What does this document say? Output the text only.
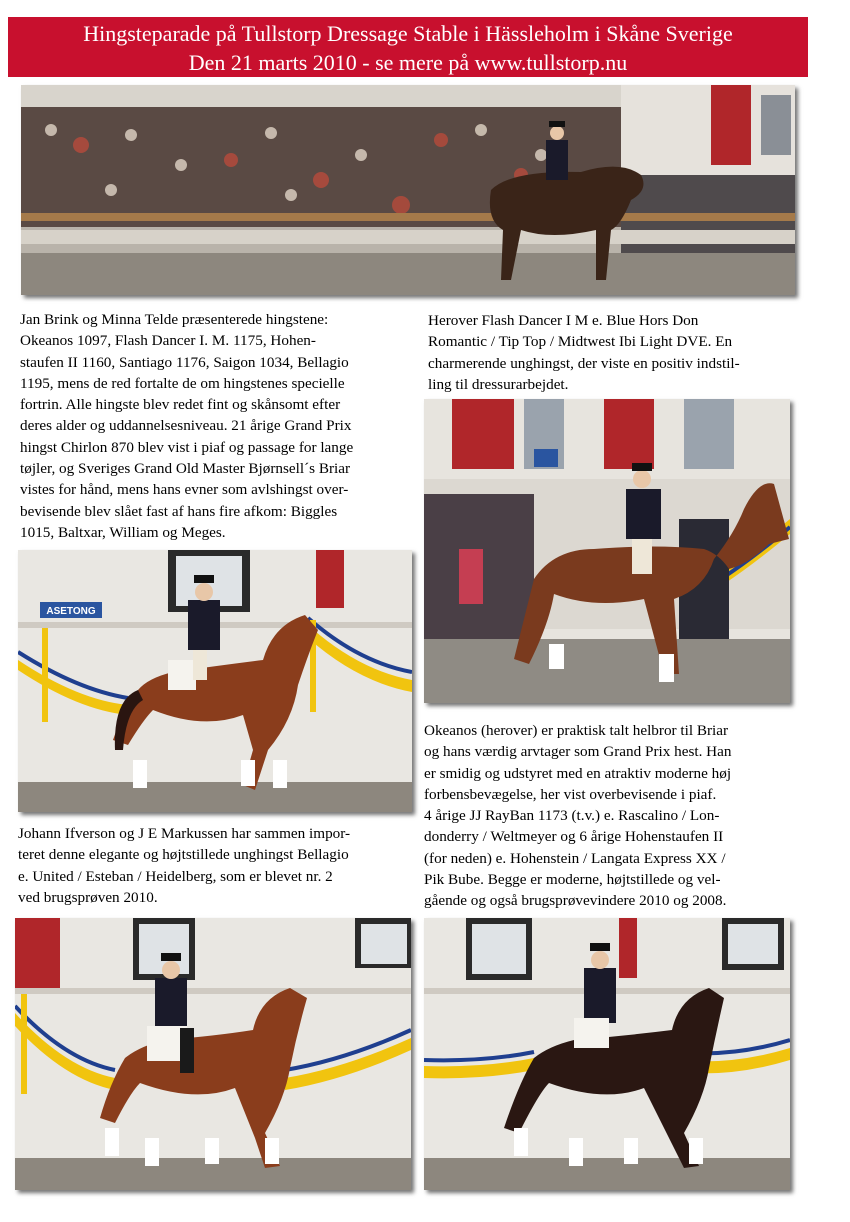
Hingsteparade på Tullstorp Dressage Stable i Hässleholm i Skåne Sverige
Den 21 marts 2010 - se mere på www.tullstorp.nu

Jan Brink og Minna Telde præsenterede hingstene:
Okeanos 1097, Flash Dancer I. M. 1175, Hohen-
staufen II 1160, Santiago 1176, Saigon 1034, Bellagio
1195, mens de red fortalte de om hingstenes specielle
fortrin. Alle hingste blev redet fint og skånsomt efter
deres alder og uddannelsesniveau. 21 årige Grand Prix
hingst Chirlon 870 blev vist i piaf og passage for lange
tøjler, og Sveriges Grand Old Master Bjørnsell´s Briar
vistes for hånd, mens hans evner som avlshingst over-
bevisende blev slået fast af hans fire afkom: Biggles
1015, Baltxar, William og Meges.

Herover Flash Dancer I M e. Blue Hors Don
Romantic / Tip Top / Midtwest Ibi Light DVE. En
charmerende unghingst, der viste en positiv indstil-
ling til dressurarbejdet.

ASETONG

Okeanos (herover) er praktisk talt helbror til Briar
og hans værdig arvtager som Grand Prix hest. Han
er smidig og udstyret med en atraktiv moderne høj
forbensbevægelse, her vist overbevisende i piaf.
4 årige JJ RayBan 1173 (t.v.) e. Rascalino / Lon-
donderry / Weltmeyer og 6 årige Hohenstaufen II
(for neden) e. Hohenstein / Langata Express XX /
Pik Bube. Begge er moderne, højtstillede og vel-
gående og også brugsprøvevindere 2010 og 2008.

Johann Ifverson og J E Markussen har sammen impor-
teret denne elegante og højtstillede unghingst Bellagio
e. United / Esteban / Heidelberg, som er blevet nr. 2
ved brugsprøven 2010.
